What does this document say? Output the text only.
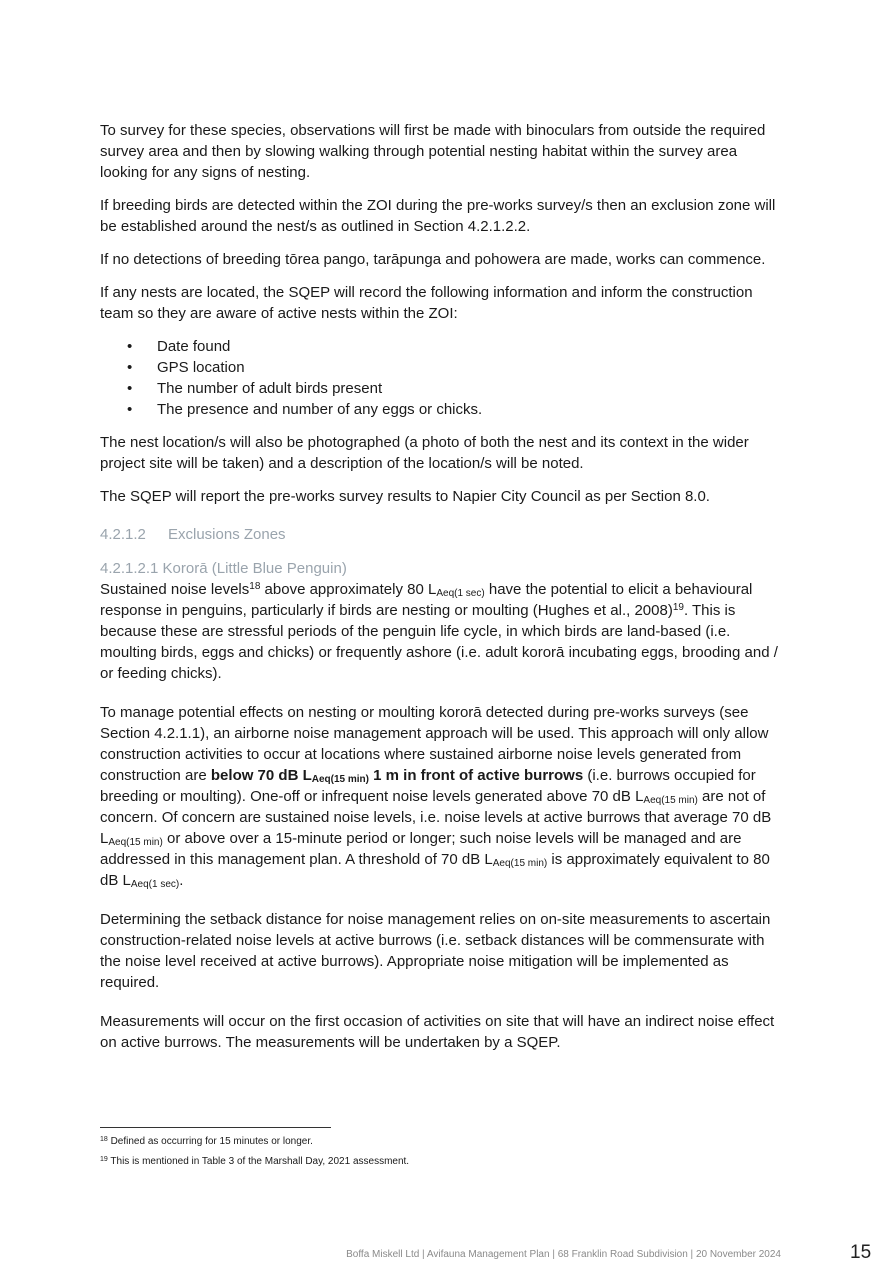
To survey for these species, observations will first be made with binoculars from outside the required survey area and then by slowing walking through potential nesting habitat within the survey area looking for any signs of nesting.

If breeding birds are detected within the ZOI during the pre-works survey/s then an exclusion zone will be established around the nest/s as outlined in Section 4.2.1.2.2.

If no detections of breeding tōrea pango, tarāpunga and pohowera are made, works can commence.

If any nests are located, the SQEP will record the following information and inform the construction team so they are aware of active nests within the ZOI:

• Date found
• GPS location
• The number of adult birds present
• The presence and number of any eggs or chicks.

The nest location/s will also be photographed (a photo of both the nest and its context in the wider project site will be taken) and a description of the location/s will be noted.

The SQEP will report the pre-works survey results to Napier City Council as per Section 8.0.

4.2.1.2 Exclusions Zones
4.2.1.2.1 Kororā (Little Blue Penguin)

Sustained noise levels$^{18}$ above approximately 80 $L_{Aeq(1 sec)}$ have the potential to elicit a behavioural response in penguins, particularly if birds are nesting or moulting (Hughes et al., 2008)$^{19}$. This is because these are stressful periods of the penguin life cycle, in which birds are land-based (i.e. moulting birds, eggs and chicks) or frequently ashore (i.e. adult kororā incubating eggs, brooding and / or feeding chicks).

To manage potential effects on nesting or moulting kororā detected during pre-works surveys (see Section 4.2.1.1), an airborne noise management approach will be used. This approach will only allow construction activities to occur at locations where sustained airborne noise levels generated from construction are below 70 dB $L_{Aeq(15 min)}$ 1 m in front of active burrows (i.e. burrows occupied for breeding or moulting). One-off or infrequent noise levels generated above 70 dB $L_{Aeq(15 min)}$ are not of concern. Of concern are sustained noise levels, i.e. noise levels at active burrows that average 70 dB $L_{Aeq(15 min)}$ or above over a 15-minute period or longer; such noise levels will be managed and are addressed in this management plan. A threshold of 70 dB $L_{Aeq(15 min)}$ is approximately equivalent to 80 dB $L_{Aeq(1 sec)}$.

Determining the setback distance for noise management relies on on-site measurements to ascertain construction-related noise levels at active burrows (i.e. setback distances will be commensurate with the noise level received at active burrows). Appropriate noise mitigation will be implemented as required.

Measurements will occur on the first occasion of activities on site that will have an indirect noise effect on active burrows. The measurements will be undertaken by a SQEP.

$^{18}$ Defined as occurring for 15 minutes or longer.
$^{19}$ This is mentioned in Table 3 of the Marshall Day, 2021 assessment.
Boffa Miskell Ltd | Avifauna Management Plan | 68 Franklin Road Subdivision | 20 November 2024	15
